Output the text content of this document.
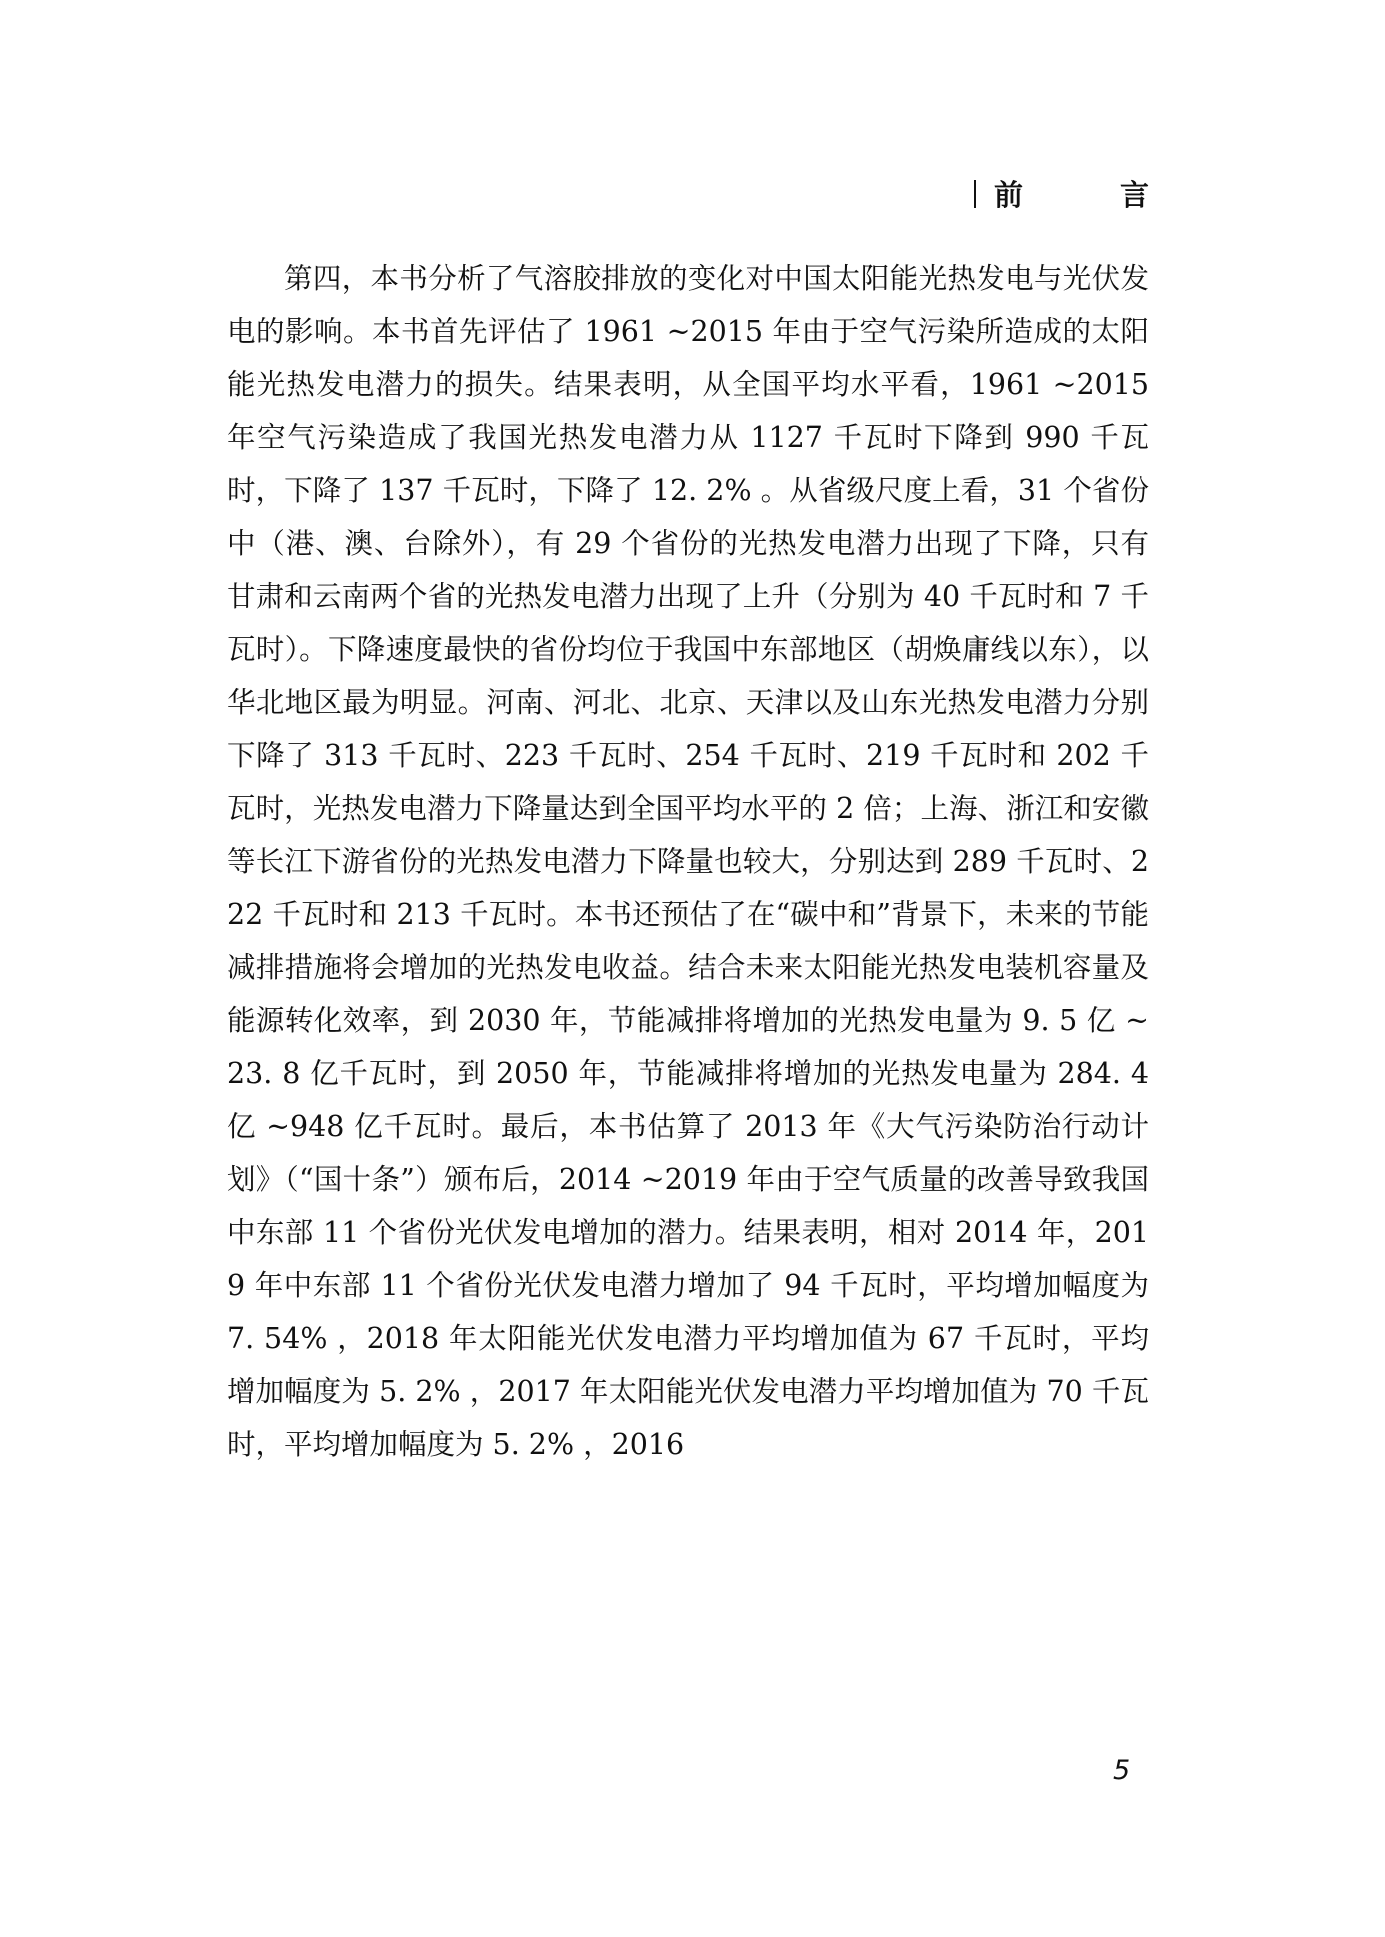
前　言

第四，本书分析了气溶胶排放的变化对中国太阳能光热发电与光伏发电的影响。本书首先评估了 1961 ~2015 年由于空气污染所造成的太阳能光热发电潜力的损失。结果表明，从全国平均水平看，1961 ~2015 年空气污染造成了我国光热发电潜力从 1127 千瓦时下降到 990 千瓦时，下降了 137 千瓦时，下降了 12. 2% 。从省级尺度上看，31 个省份中（港、澳、台除外），有 29 个省份的光热发电潜力出现了下降，只有甘肃和云南两个省的光热发电潜力出现了上升（分别为 40 千瓦时和 7 千瓦时）。下降速度最快的省份均位于我国中东部地区（胡焕庸线以东），以华北地区最为明显。河南、河北、北京、天津以及山东光热发电潜力分别下降了 313 千瓦时、223 千瓦时、254 千瓦时、219 千瓦时和 202 千瓦时，光热发电潜力下降量达到全国平均水平的 2 倍；上海、浙江和安徽等长江下游省份的光热发电潜力下降量也较大，分别达到 289 千瓦时、222 千瓦时和 213 千瓦时。本书还预估了在“碳中和”背景下，未来的节能减排措施将会增加的光热发电收益。结合未来太阳能光热发电装机容量及能源转化效率，到 2030 年，节能减排将增加的光热发电量为 9. 5 亿 ~23. 8 亿千瓦时，到 2050 年，节能减排将增加的光热发电量为 284. 4 亿 ~948 亿千瓦时。最后，本书估算了 2013 年《大气污染防治行动计划》（“国十条”）颁布后，2014 ~2019 年由于空气质量的改善导致我国中东部 11 个省份光伏发电增加的潜力。结果表明，相对 2014 年，2019 年中东部 11 个省份光伏发电潜力增加了 94 千瓦时，平均增加幅度为 7. 54% ，2018 年太阳能光伏发电潜力平均增加值为 67 千瓦时，平均增加幅度为 5. 2% ，2017 年太阳能光伏发电潜力平均增加值为 70 千瓦时，平均增加幅度为 5. 2% ，2016

5
